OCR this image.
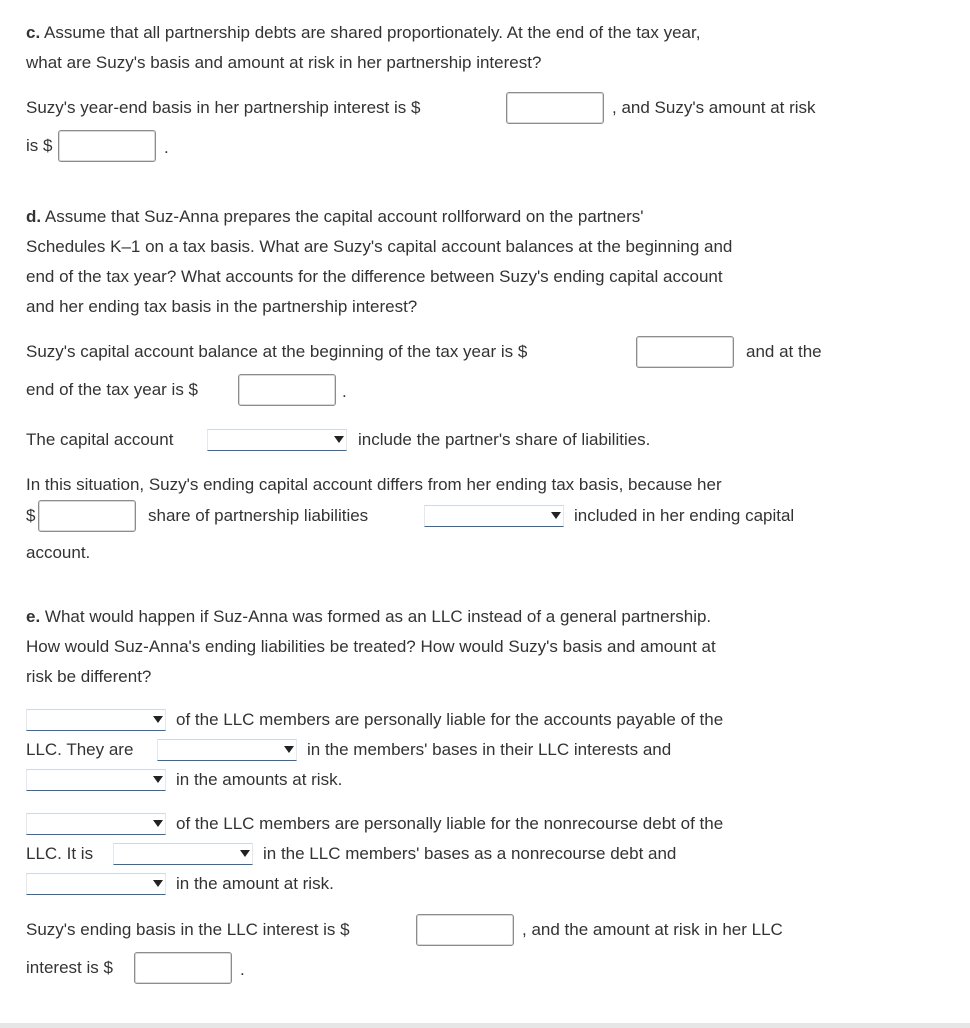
c. Assume that all partnership debts are shared proportionately. At the end of the tax year,
what are Suzy's basis and amount at risk in her partnership interest?
Suzy's year-end basis in her partnership interest is $	, and Suzy's amount at risk
is $	.
d. Assume that Suz-Anna prepares the capital account rollforward on the partners'
Schedules K–1 on a tax basis. What are Suzy's capital account balances at the beginning and
end of the tax year? What accounts for the difference between Suzy's ending capital account
and her ending tax basis in the partnership interest?
Suzy's capital account balance at the beginning of the tax year is $	and at the
end of the tax year is $	.
The capital account	include the partner's share of liabilities.
In this situation, Suzy's ending capital account differs from her ending tax basis, because her
$	share of partnership liabilities	included in her ending capital
account.
e. What would happen if Suz-Anna was formed as an LLC instead of a general partnership.
How would Suz-Anna's ending liabilities be treated? How would Suzy's basis and amount at
risk be different?
of the LLC members are personally liable for the accounts payable of the
LLC. They are	in the members' bases in their LLC interests and
in the amounts at risk.
of the LLC members are personally liable for the nonrecourse debt of the
LLC. It is	in the LLC members' bases as a nonrecourse debt and
in the amount at risk.
Suzy's ending basis in the LLC interest is $	, and the amount at risk in her LLC
interest is $	.
